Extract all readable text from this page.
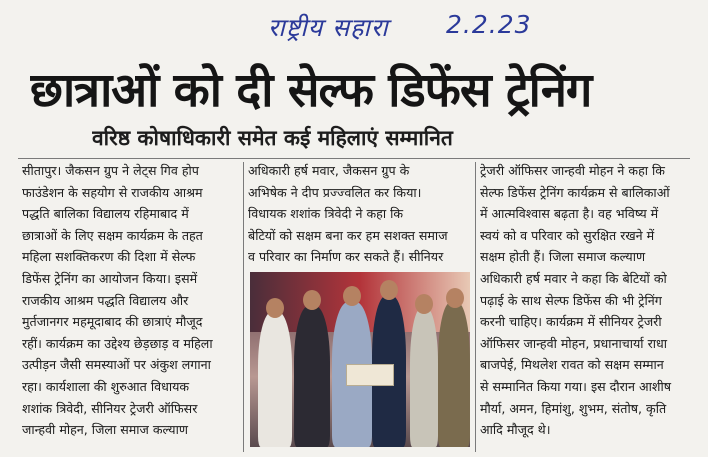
राष्ट्रीय सहारा 2.2.23
छात्राओं को दी सेल्फ डिफेंस ट्रेनिंग
वरिष्ठ कोषाधिकारी समेत कई महिलाएं सम्मानित
सीतापुर। जैकसन ग्रुप ने लेट्स गिव होप
फाउंडेशन के सहयोग से राजकीय आश्रम
पद्धति बालिका विद्यालय रहिमाबाद में
छात्राओं के लिए सक्षम कार्यक्रम के तहत
महिला सशक्तिकरण की दिशा में सेल्फ
डिफेंस ट्रेनिंग का आयोजन किया। इसमें
राजकीय आश्रम पद्धति विद्यालय और
मुर्तजानगर महमूदाबाद की छात्राएं मौजूद
रहीं। कार्यक्रम का उद्देश्य छेड़छाड़ व महिला
उत्पीड़न जैसी समस्याओं पर अंकुश लगाना
रहा। कार्यशाला की शुरुआत विधायक
शशांक त्रिवेदी, सीनियर ट्रेजरी ऑफिसर
जान्हवी मोहन, जिला समाज कल्याण
अधिकारी हर्ष मवार, जैकसन ग्रुप के
अभिषेक ने दीप प्रज्ज्वलित कर किया।
विधायक शशांक त्रिवेदी ने कहा कि
बेटियों को सक्षम बना कर हम सशक्त समाज
व परिवार का निर्माण कर सकते हैं। सीनियर
ट्रेजरी ऑफिसर जान्हवी मोहन ने कहा कि
सेल्फ डिफेंस ट्रेनिंग कार्यक्रम से बालिकाओं
में आत्मविश्वास बढ़ता है। वह भविष्य में
स्वयं को व परिवार को सुरक्षित रखने में
सक्षम होती हैं। जिला समाज कल्याण
अधिकारी हर्ष मवार ने कहा कि बेटियों को
पढ़ाई के साथ सेल्फ डिफेंस की भी ट्रेनिंग
करनी चाहिए। कार्यक्रम में सीनियर ट्रेजरी
ऑफिसर जान्हवी मोहन, प्रधानाचार्या राधा
बाजपेई, मिथलेश रावत को सक्षम सम्मान
से सम्मानित किया गया। इस दौरान आशीष
मौर्या, अमन, हिमांशु, शुभम, संतोष, कृति
आदि मौजूद थे।
